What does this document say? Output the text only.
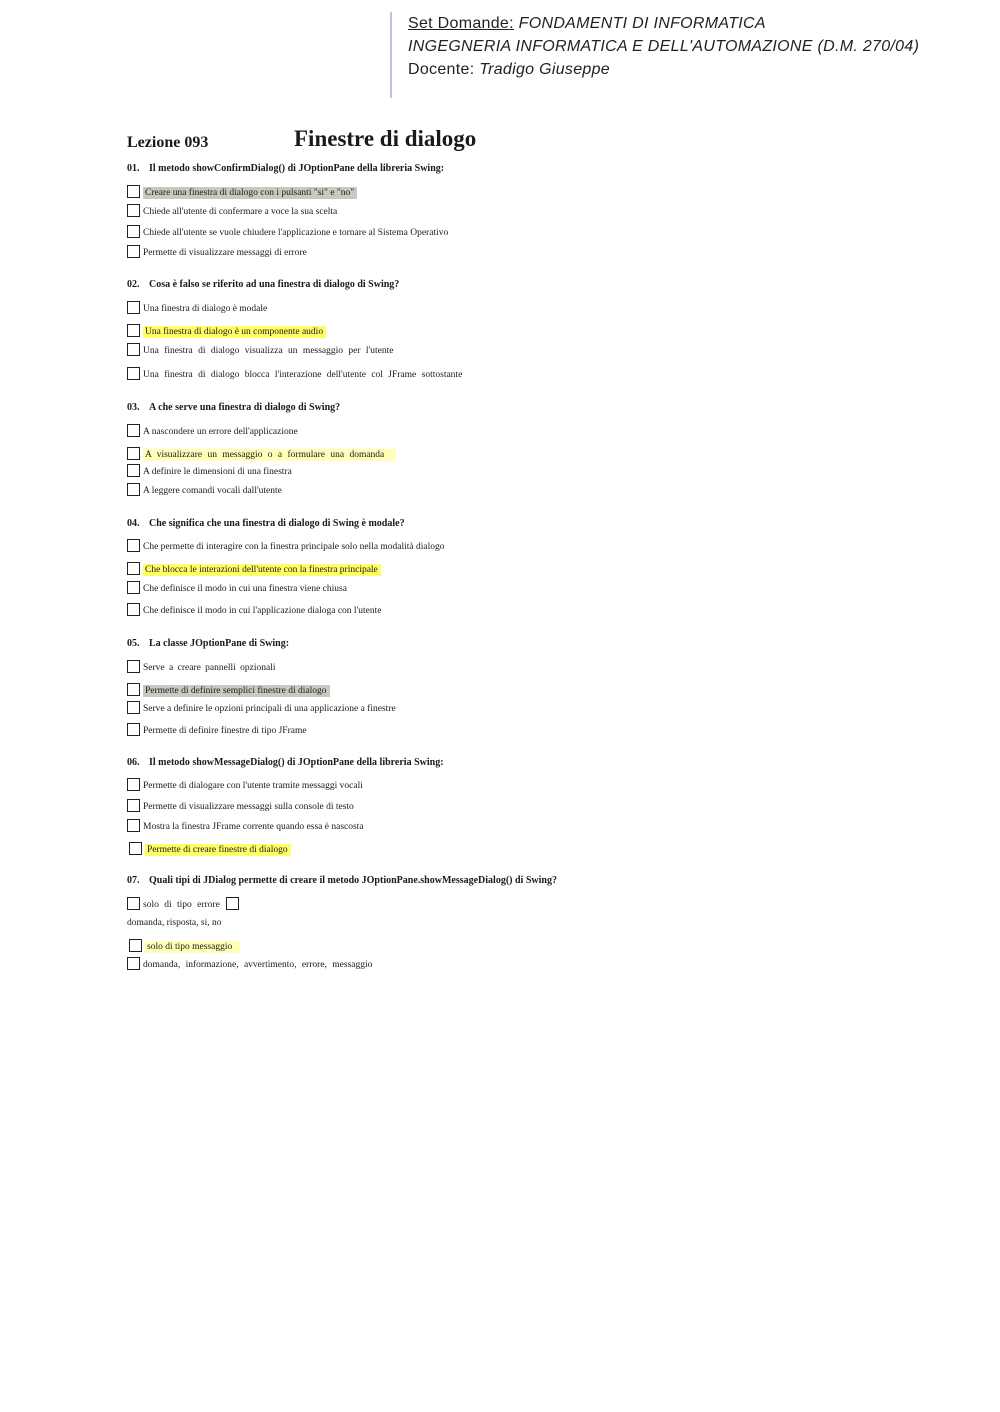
Set Domande: FONDAMENTI DI INFORMATICA
INGEGNERIA INFORMATICA E DELL'AUTOMAZIONE (D.M. 270/04)
Docente: Tradigo Giuseppe
Lezione 093	Finestre di dialogo
01. Il metodo showConfirmDialog() di JOptionPane della libreria Swing:
Creare una finestra di dialogo con i pulsanti "si" e "no"
Chiede all'utente di confermare a voce la sua scelta
Chiede all'utente se vuole chiudere l'applicazione e tornare al Sistema Operativo
Permette di visualizzare messaggi di errore
02. Cosa è falso se riferito ad una finestra di dialogo di Swing?
Una finestra di dialogo è modale
Una finestra di dialogo è un componente audio
Una finestra di dialogo visualizza un messaggio per l'utente
Una finestra di dialogo blocca l'interazione dell'utente col JFrame sottostante
03. A che serve una finestra di dialogo di Swing?
A nascondere un errore dell'applicazione
A visualizzare un messaggio o a formulare una domanda
A definire le dimensioni di una finestra
A leggere comandi vocali dall'utente
04. Che significa che una finestra di dialogo di Swing è modale?
Che permette di interagire con la finestra principale solo nella modalità dialogo
Che blocca le interazioni dell'utente con la finestra principale
Che definisce il modo in cui una finestra viene chiusa
Che definisce il modo in cui l'applicazione dialoga con l'utente
05. La classe JOptionPane di Swing:
Serve a creare pannelli opzionali
Permette di definire semplici finestre di dialogo
Serve a definire le opzioni principali di una applicazione a finestre
Permette di definire finestre di tipo JFrame
06. Il metodo showMessageDialog() di JOptionPane della libreria Swing:
Permette di dialogare con l'utente tramite messaggi vocali
Permette di visualizzare messaggi sulla console di testo
Mostra la finestra JFrame corrente quando essa è nascosta
Permette di creare finestre di dialogo
07. Quali tipi di JDialog permette di creare il metodo JOptionPane.showMessageDialog() di Swing?
solo di tipo errore
domanda, risposta, si, no
solo di tipo messaggio
domanda, informazione, avvertimento, errore, messaggio
